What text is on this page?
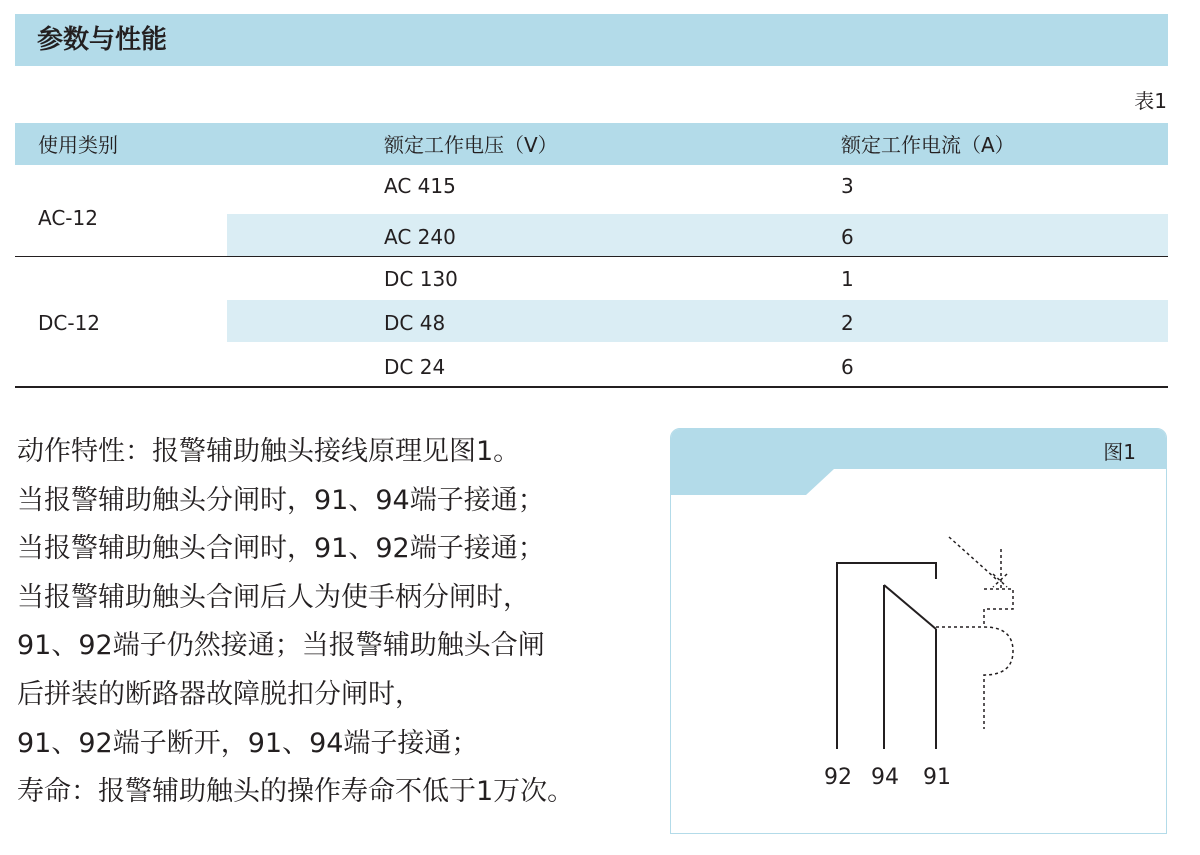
参数与性能
表1
使用类别	额定工作电压（V）	额定工作电流（A）
AC-12
AC 415	3
AC 240	6
DC-12
DC 130	1
DC 48	2
DC 24	6
动作特性：报警辅助触头接线原理见图1。
当报警辅助触头分闸时，91、94端子接通；
当报警辅助触头合闸时，91、92端子接通；
当报警辅助触头合闸后人为使手柄分闸时，
91、92端子仍然接通；当报警辅助触头合闸
后拼装的断路器故障脱扣分闸时，
91、92端子断开，91、94端子接通；
寿命：报警辅助触头的操作寿命不低于1万次。
图1
92 94 91
